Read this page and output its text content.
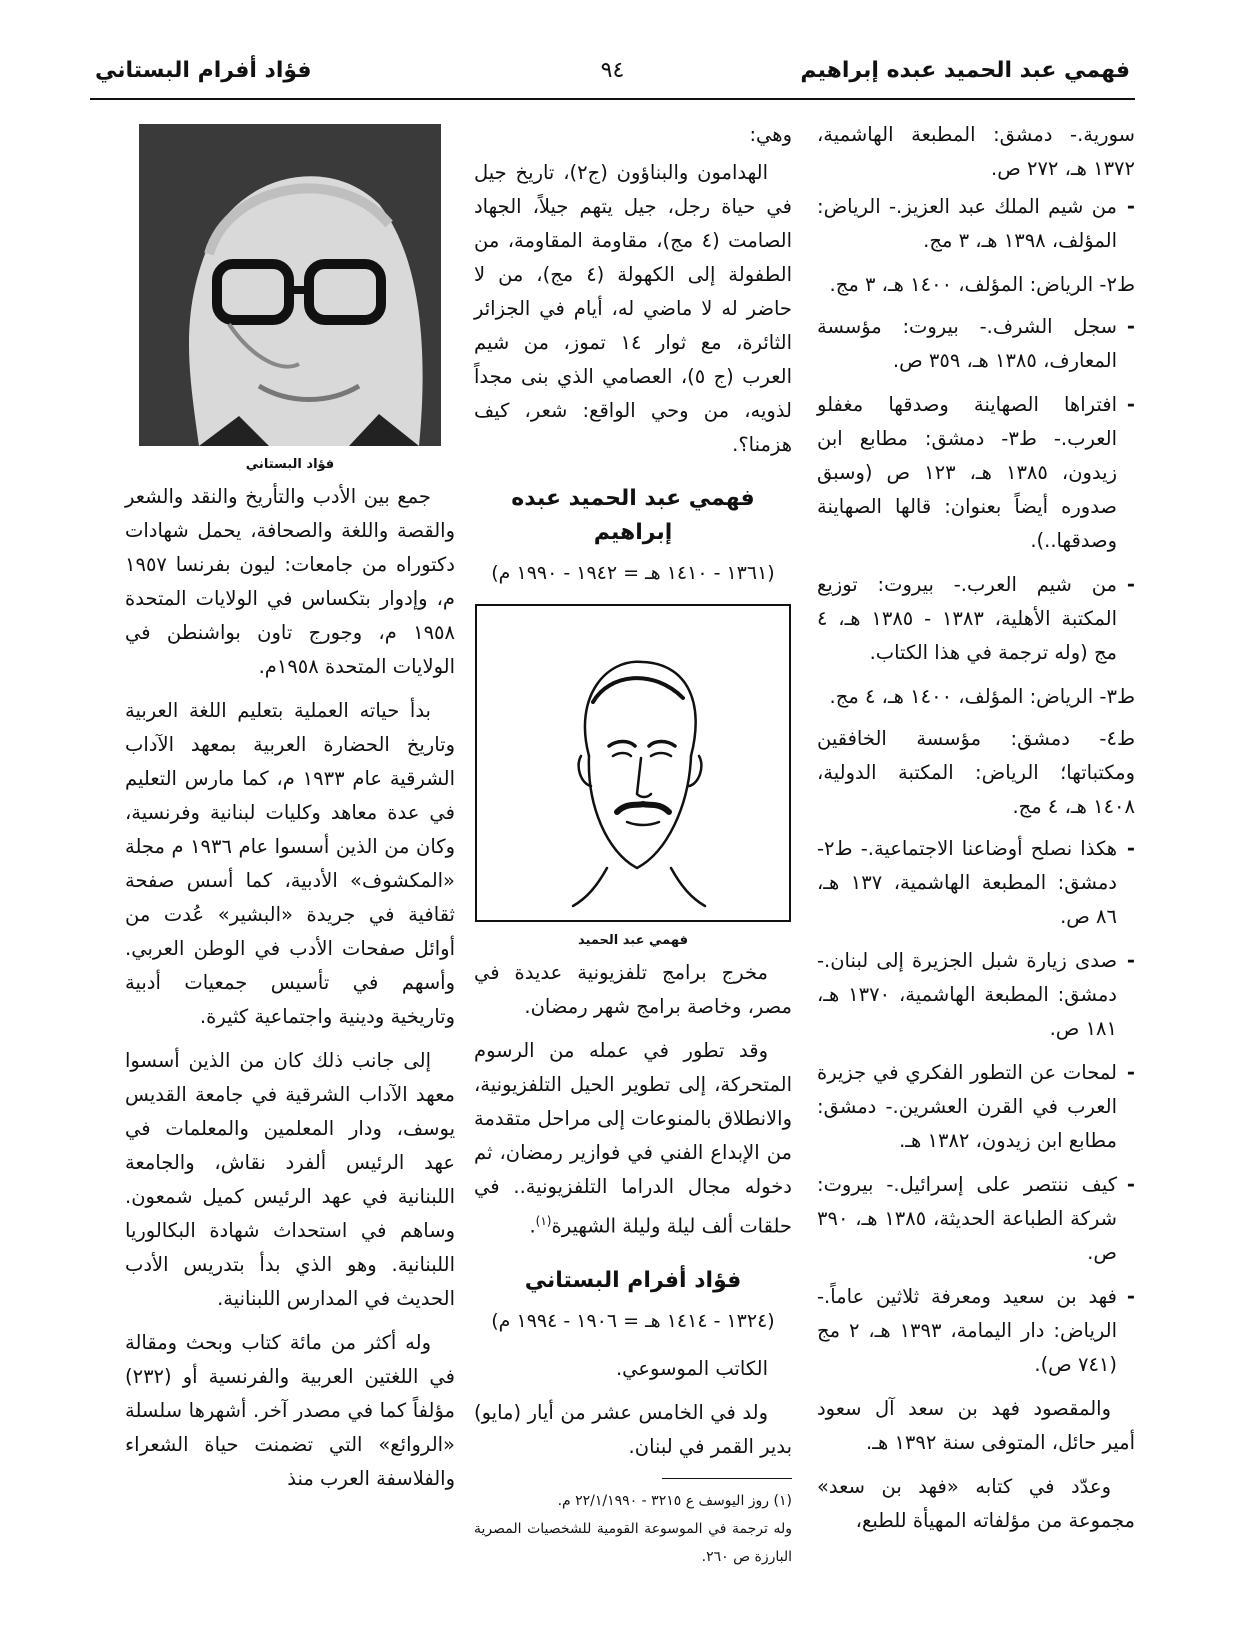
فهمي عبد الحميد عبده إبراهيم
٩٤
فؤاد أفرام البستاني
سورية.- دمشق: المطبعة الهاشمية، ١٣٧٢ هـ، ٢٧٢ ص.
- من شيم الملك عبد العزيز.- الرياض: المؤلف، ١٣٩٨ هـ، ٣ مج.
ط٢- الرياض: المؤلف، ١٤٠٠ هـ، ٣ مج.
- سجل الشرف.- بيروت: مؤسسة المعارف، ١٣٨٥ هـ، ٣٥٩ ص.
- افتراها الصهاينة وصدقها مغفلو العرب.- ط٣- دمشق: مطابع ابن زيدون، ١٣٨٥ هـ، ١٢٣ ص (وسبق صدوره أيضاً بعنوان: قالها الصهاينة وصدقها..).
- من شيم العرب.- بيروت: توزيع المكتبة الأهلية، ١٣٨٣ - ١٣٨٥ هـ، ٤ مج (وله ترجمة في هذا الكتاب.
ط٣- الرياض: المؤلف، ١٤٠٠ هـ، ٤ مج.
ط٤- دمشق: مؤسسة الخافقين ومكتباتها؛ الرياض: المكتبة الدولية، ١٤٠٨ هـ، ٤ مج.
- هكذا نصلح أوضاعنا الاجتماعية.- ط٢- دمشق: المطبعة الهاشمية، ١٣٧ هـ، ٨٦ ص.
- صدى زيارة شبل الجزيرة إلى لبنان.- دمشق: المطبعة الهاشمية، ١٣٧٠ هـ، ١٨١ ص.
- لمحات عن التطور الفكري في جزيرة العرب في القرن العشرين.- دمشق: مطابع ابن زيدون، ١٣٨٢ هـ.
- كيف ننتصر على إسرائيل.- بيروت: شركة الطباعة الحديثة، ١٣٨٥ هـ، ٣٩٠ ص.
- فهد بن سعيد ومعرفة ثلاثين عاماً.- الرياض: دار اليمامة، ١٣٩٣ هـ، ٢ مج (٧٤١ ص).
والمقصود فهد بن سعد آل سعود أمير حائل، المتوفى سنة ١٣٩٢ هـ.
وعدّد في كتابه «فهد بن سعد» مجموعة من مؤلفاته المهيأة للطبع،
وهي:
الهدامون والبناؤون (ج٢)، تاريخ جيل في حياة رجل، جيل يتهم جيلاً، الجهاد الصامت (٤ مج)، مقاومة المقاومة، من الطفولة إلى الكهولة (٤ مج)، من لا حاضر له لا ماضي له، أيام في الجزائر الثائرة، مع ثوار ١٤ تموز، من شيم العرب (ج ٥)، العصامي الذي بنى مجداً لذويه، من وحي الواقع: شعر، كيف هزمنا؟.
فهمي عبد الحميد عبده إبراهيم
(١٣٦١ - ١٤١٠ هـ = ١٩٤٢ - ١٩٩٠ م)
فهمي عبد الحميد
مخرج برامج تلفزيونية عديدة في مصر، وخاصة برامج شهر رمضان.
وقد تطور في عمله من الرسوم المتحركة، إلى تطوير الحيل التلفزيونية، والانطلاق بالمنوعات إلى مراحل متقدمة من الإبداع الفني في فوازير رمضان، ثم دخوله مجال الدراما التلفزيونية.. في حلقات ألف ليلة وليلة الشهيرة$^{(١)}$.
فؤاد أفرام البستاني
(١٣٢٤ - ١٤١٤ هـ = ١٩٠٦ - ١٩٩٤ م)
الكاتب الموسوعي.
ولد في الخامس عشر من أيار (مايو) بدير القمر في لبنان.
(١) روز اليوسف ع ٣٢١٥ - ٢٢/١/١٩٩٠ م.
وله ترجمة في الموسوعة القومية للشخصيات المصرية البارزة ص ٢٦٠.
فؤاد البستاني
جمع بين الأدب والتأريخ والنقد والشعر والقصة واللغة والصحافة، يحمل شهادات دكتوراه من جامعات: ليون بفرنسا ١٩٥٧ م، وإدوار بتكساس في الولايات المتحدة ١٩٥٨ م، وجورج تاون بواشنطن في الولايات المتحدة ١٩٥٨م.
بدأ حياته العملية بتعليم اللغة العربية وتاريخ الحضارة العربية بمعهد الآداب الشرقية عام ١٩٣٣ م، كما مارس التعليم في عدة معاهد وكليات لبنانية وفرنسية، وكان من الذين أسسوا عام ١٩٣٦ م مجلة «المكشوف» الأدبية، كما أسس صفحة ثقافية في جريدة «البشير» عُدت من أوائل صفحات الأدب في الوطن العربي. وأسهم في تأسيس جمعيات أدبية وتاريخية ودينية واجتماعية كثيرة.
إلى جانب ذلك كان من الذين أسسوا معهد الآداب الشرقية في جامعة القديس يوسف، ودار المعلمين والمعلمات في عهد الرئيس ألفرد نقاش، والجامعة اللبنانية في عهد الرئيس كميل شمعون. وساهم في استحداث شهادة البكالوريا اللبنانية. وهو الذي بدأ بتدريس الأدب الحديث في المدارس اللبنانية.
وله أكثر من مائة كتاب وبحث ومقالة في اللغتين العربية والفرنسية أو (٢٣٢) مؤلفاً كما في مصدر آخر. أشهرها سلسلة «الروائع» التي تضمنت حياة الشعراء والفلاسفة العرب منذ
